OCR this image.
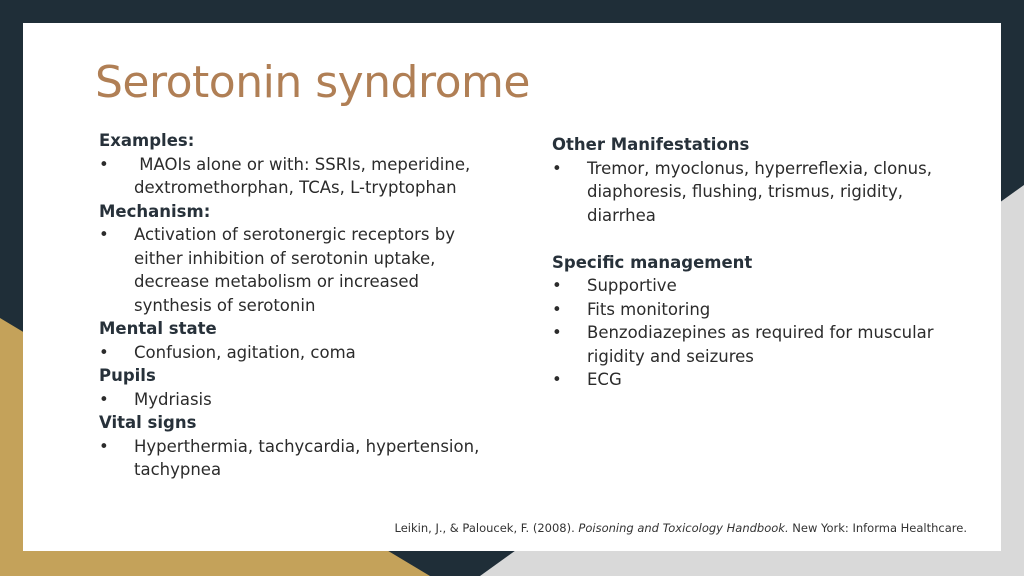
Serotonin syndrome
Examples:
• MAOIs alone or with: SSRIs, meperidine, dextromethorphan, TCAs, L-tryptophan
Mechanism:
• Activation of serotonergic receptors by either inhibition of serotonin uptake, decrease metabolism or increased synthesis of serotonin
Mental state
• Confusion, agitation, coma
Pupils
• Mydriasis
Vital signs
• Hyperthermia, tachycardia, hypertension, tachypnea
Other Manifestations
• Tremor, myoclonus, hyperreflexia, clonus, diaphoresis, flushing, trismus, rigidity, diarrhea
Specific management
• Supportive
• Fits monitoring
• Benzodiazepines as required for muscular rigidity and seizures
• ECG
Leikin, J., & Paloucek, F. (2008). Poisoning and Toxicology Handbook. New York: Informa Healthcare.
